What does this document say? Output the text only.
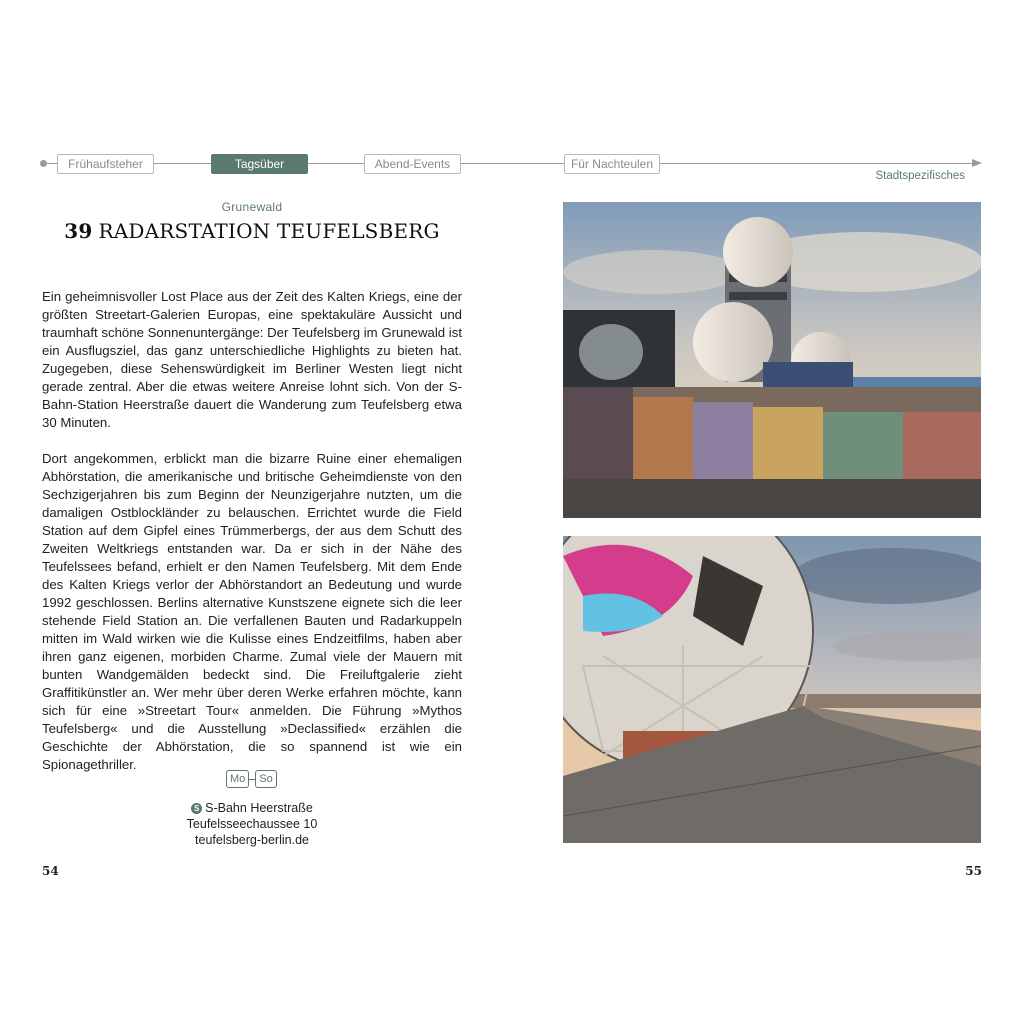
Frühaufsteher	Tagsüber	Abend-Events	Für Nachteulen
Stadtspezifisches
Grunewald
39 RADARSTATION TEUFELSBERG

Ein geheimnisvoller Lost Place aus der Zeit des Kalten Kriegs, eine der größten Streetart-Galerien Europas, eine spektakuläre Aussicht und traumhaft schöne Sonnenuntergänge: Der Teufelsberg im Grunewald ist ein Ausflugsziel, das ganz unterschiedliche Highlights zu bieten hat. Zugegeben, diese Sehenswürdigkeit im Berliner Westen liegt nicht gerade zentral. Aber die etwas weitere Anreise lohnt sich. Von der S-Bahn-Station Heerstraße dauert die Wanderung zum Teufelsberg etwa 30 Minuten.

Dort angekommen, erblickt man die bizarre Ruine einer ehemaligen Abhörstation, die amerikanische und britische Geheimdienste von den Sechzigerjahren bis zum Beginn der Neunzigerjahre nutzten, um die damaligen Ostblockländer zu belauschen. Errichtet wurde die Field Station auf dem Gipfel eines Trümmerbergs, der aus dem Schutt des Zweiten Weltkriegs entstanden war. Da er sich in der Nähe des Teufelssees befand, erhielt er den Namen Teufelsberg. Mit dem Ende des Kalten Kriegs verlor der Abhörstandort an Bedeutung und wurde 1992 geschlossen. Berlins alternative Kunstszene eignete sich die leer stehende Field Station an. Die verfallenen Bauten und Radarkuppeln mitten im Wald wirken wie die Kulisse eines Endzeitfilms, haben aber ihren ganz eigenen, morbiden Charme. Zumal viele der Mauern mit bunten Wandgemälden bedeckt sind. Die Freiluftgalerie zieht Graffitikünstler an. Wer mehr über deren Werke erfahren möchte, kann sich für eine »Streetart Tour« anmelden. Die Führung »Mythos Teufelsberg« und die Ausstellung »Declassified« erzählen die Geschichte der Abhörstation, die so spannend ist wie ein Spionagethriller.

Mo	So
S S-Bahn Heerstraße
Teufelsseechaussee 10
teufelsberg-berlin.de
54	55
